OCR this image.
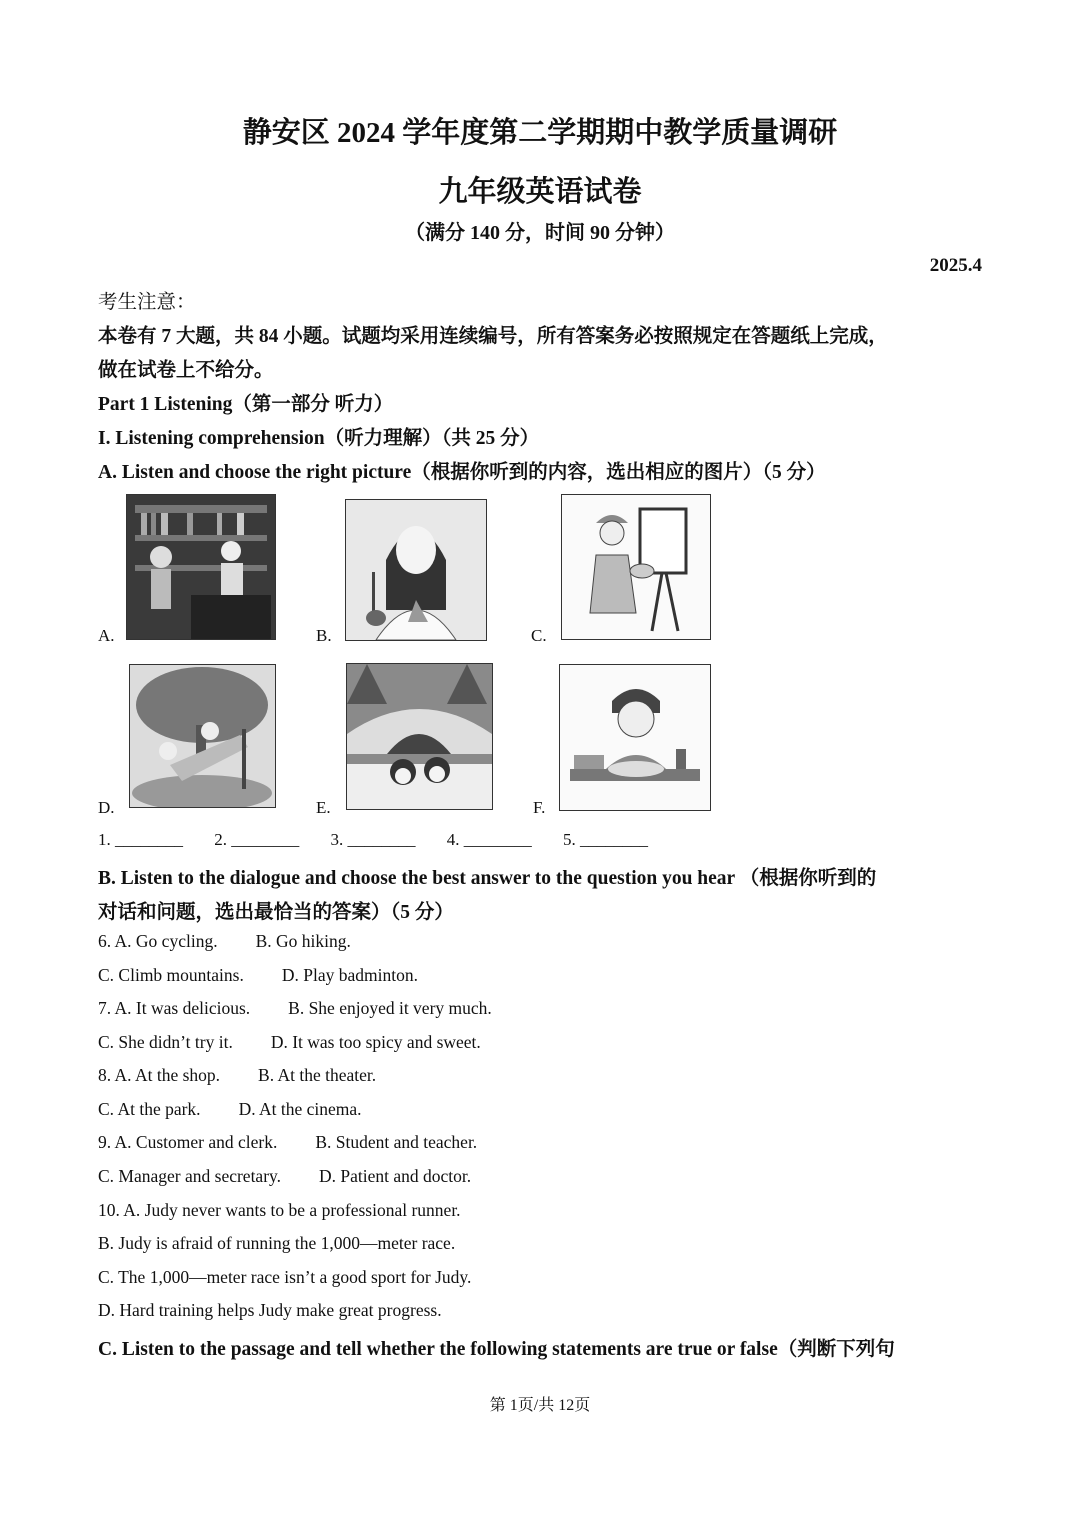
静安区 2024 学年度第二学期期中教学质量调研
九年级英语试卷
（满分 140 分，时间 90 分钟）
2025.4
考生注意：
本卷有 7 大题，共 84 小题。试题均采用连续编号，所有答案务必按照规定在答题纸上完成，
做在试卷上不给分。
Part 1 Listening（第一部分 听力）
I. Listening comprehension（听力理解）（共 25 分）
A. Listen and choose the right picture（根据你听到的内容，选出相应的图片）（5 分）
A.	B.	C.
D.	E.	F.
1. ________ 2. ________ 3. ________ 4. ________ 5. ________
B. Listen to the dialogue and choose the best answer to the question you hear （根据你听到的
对话和问题，选出最恰当的答案）（5 分）
6. A. Go cycling. B. Go hiking.
C. Climb mountains. D. Play badminton.
7. A. It was delicious. B. She enjoyed it very much.
C. She didn’t try it. D. It was too spicy and sweet.
8. A. At the shop. B. At the theater.
C. At the park. D. At the cinema.
9. A. Customer and clerk. B. Student and teacher.
C. Manager and secretary. D. Patient and doctor.
10. A. Judy never wants to be a professional runner.
B. Judy is afraid of running the 1,000—meter race.
C. The 1,000—meter race isn’t a good sport for Judy.
D. Hard training helps Judy make great progress.
C. Listen to the passage and tell whether the following statements are true or false（判断下列句
第 1页/共 12页
